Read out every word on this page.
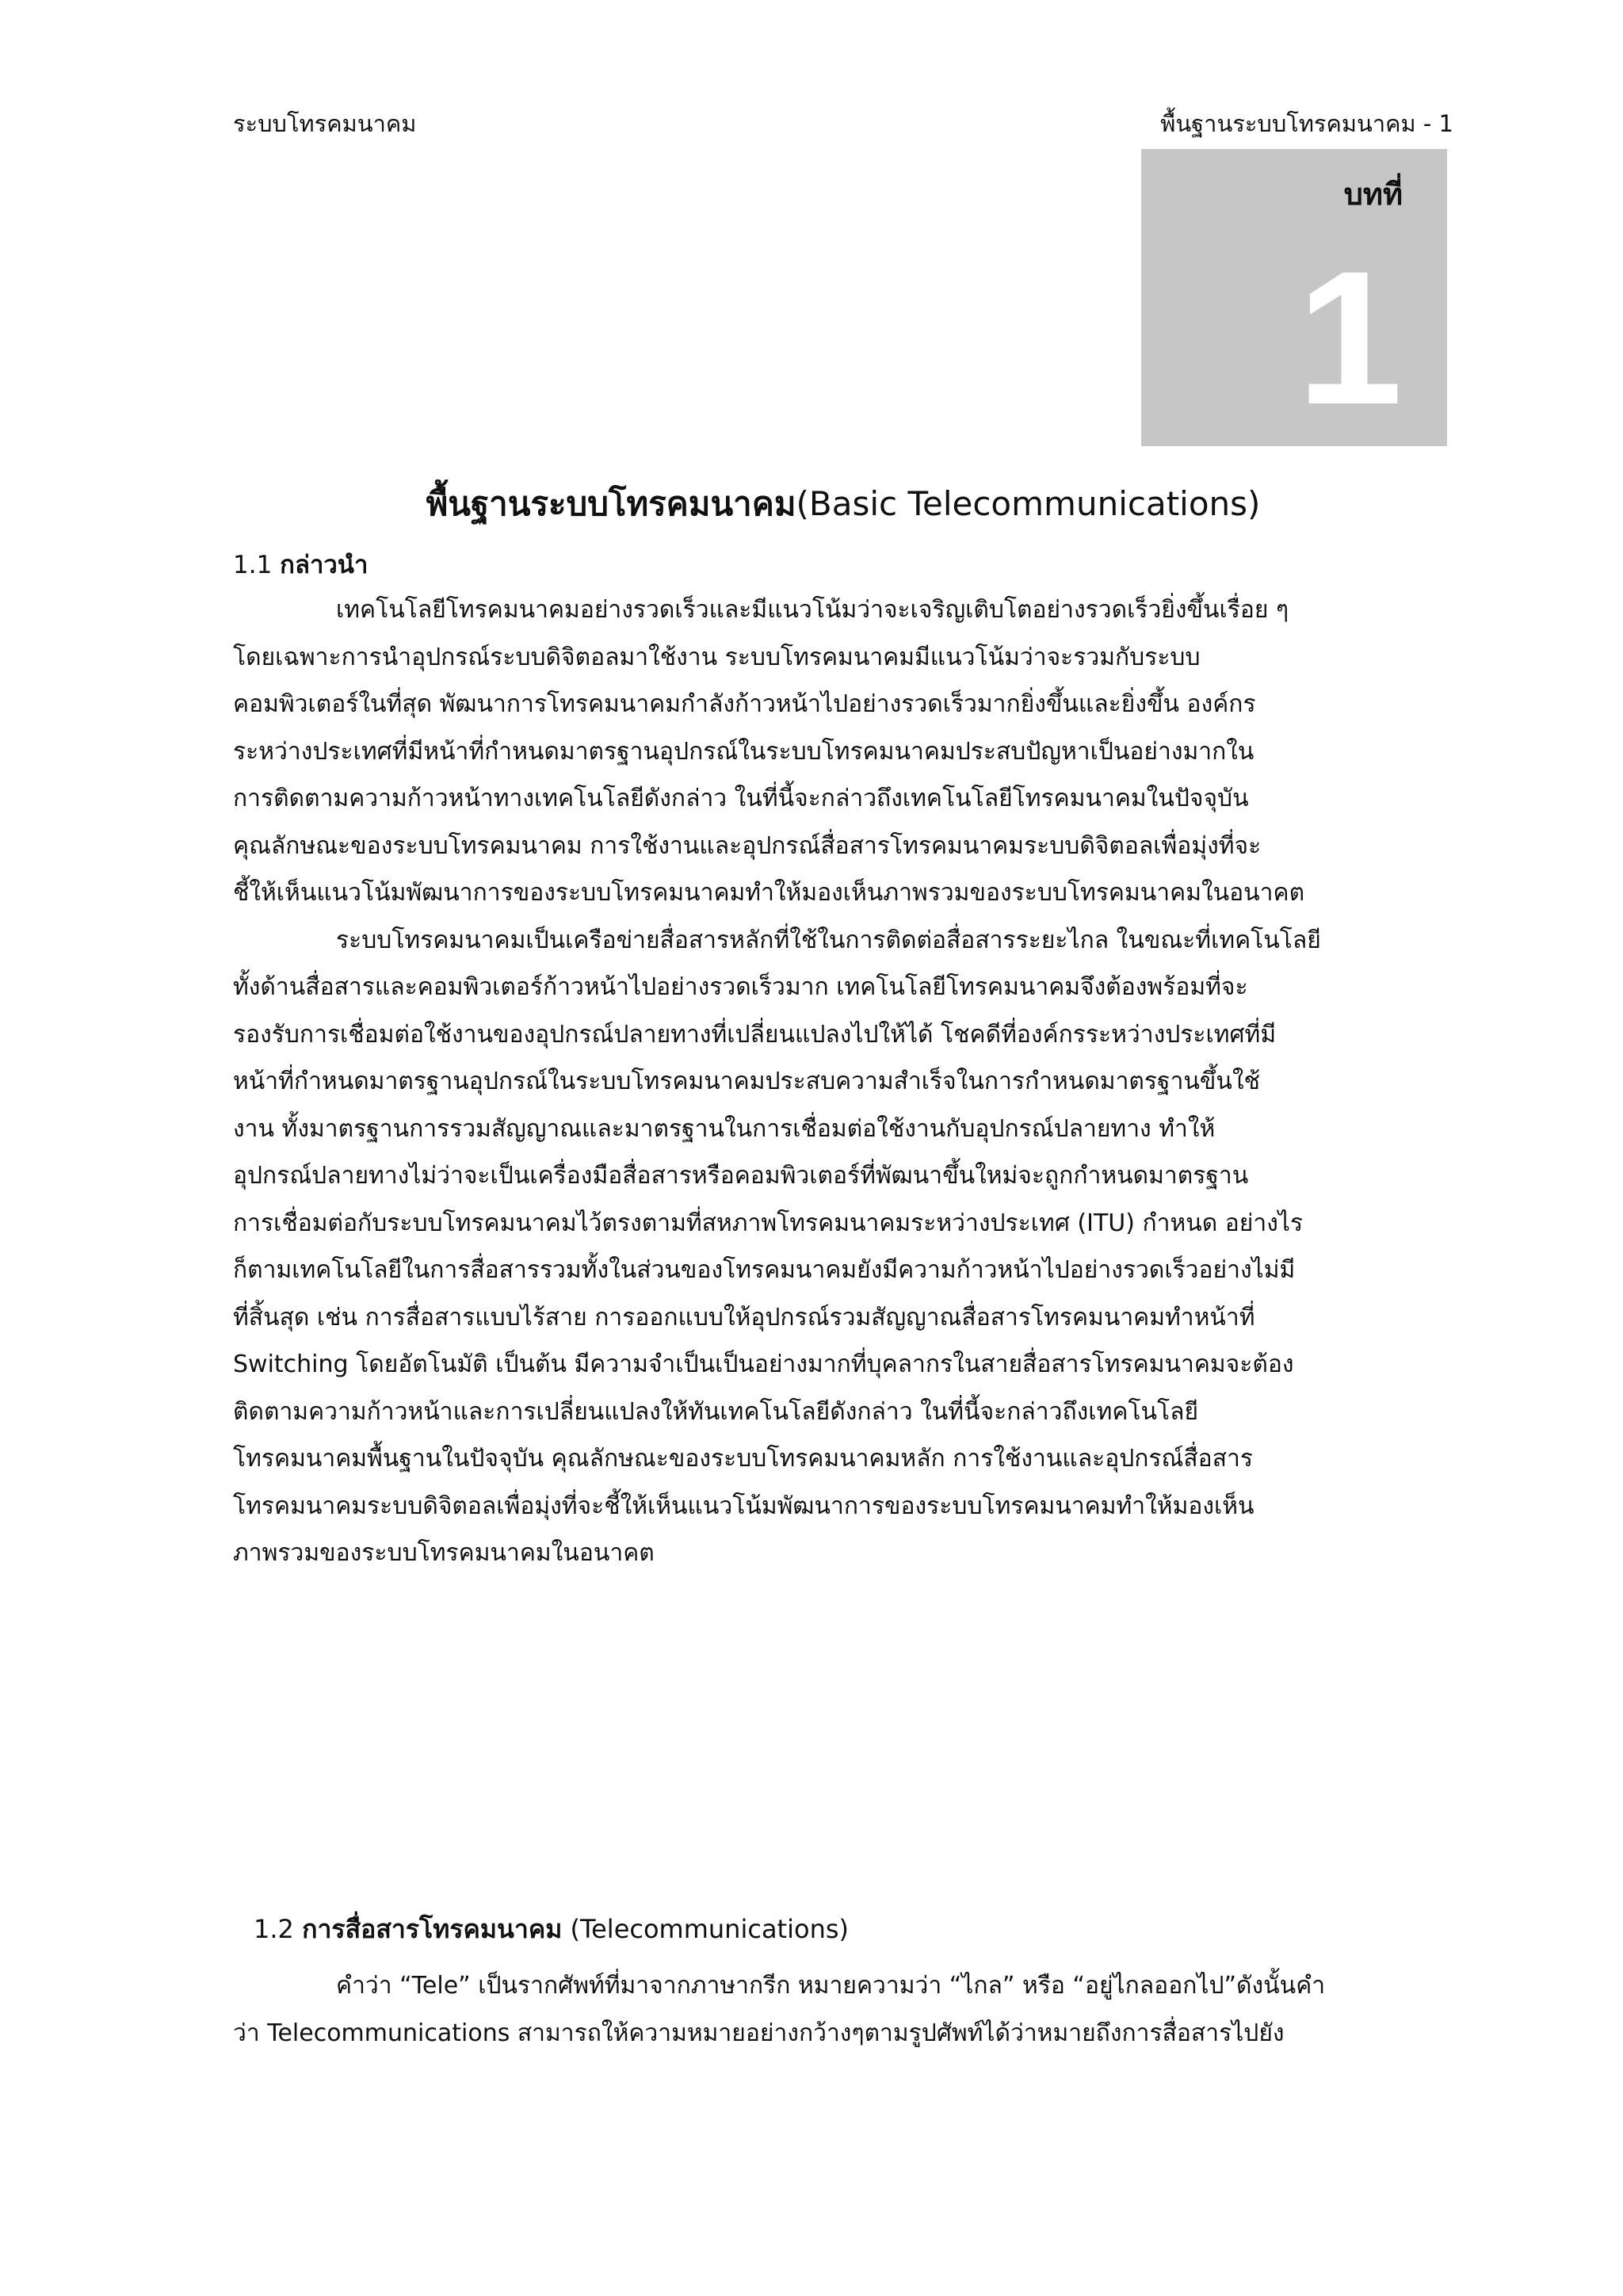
ระบบโทรคมนาคม	พื้นฐานระบบโทรคมนาคม - 1
บทที่
1
พื้นฐานระบบโทรคมนาคม(Basic Telecommunications)
1.1 กล่าวนำ
เทคโนโลยีโทรคมนาคมอย่างรวดเร็วและมีแนวโน้มว่าจะเจริญเติบโตอย่างรวดเร็วยิ่งขึ้นเรื่อย ๆ
โดยเฉพาะการนำอุปกรณ์ระบบดิจิตอลมาใช้งาน ระบบโทรคมนาคมมีแนวโน้มว่าจะรวมกับระบบ
คอมพิวเตอร์ในที่สุด พัฒนาการโทรคมนาคมกำลังก้าวหน้าไปอย่างรวดเร็วมากยิ่งขึ้นและยิ่งขึ้น องค์กร
ระหว่างประเทศที่มีหน้าที่กำหนดมาตรฐานอุปกรณ์ในระบบโทรคมนาคมประสบปัญหาเป็นอย่างมากใน
การติดตามความก้าวหน้าทางเทคโนโลยีดังกล่าว ในที่นี้จะกล่าวถึงเทคโนโลยีโทรคมนาคมในปัจจุบัน
คุณลักษณะของระบบโทรคมนาคม การใช้งานและอุปกรณ์สื่อสารโทรคมนาคมระบบดิจิตอลเพื่อมุ่งที่จะ
ชี้ให้เห็นแนวโน้มพัฒนาการของระบบโทรคมนาคมทำให้มองเห็นภาพรวมของระบบโทรคมนาคมในอนาคต
ระบบโทรคมนาคมเป็นเครือข่ายสื่อสารหลักที่ใช้ในการติดต่อสื่อสารระยะไกล ในขณะที่เทคโนโลยี
ทั้งด้านสื่อสารและคอมพิวเตอร์ก้าวหน้าไปอย่างรวดเร็วมาก เทคโนโลยีโทรคมนาคมจึงต้องพร้อมที่จะ
รองรับการเชื่อมต่อใช้งานของอุปกรณ์ปลายทางที่เปลี่ยนแปลงไปให้ได้ โชคดีที่องค์กรระหว่างประเทศที่มี
หน้าที่กำหนดมาตรฐานอุปกรณ์ในระบบโทรคมนาคมประสบความสำเร็จในการกำหนดมาตรฐานขึ้นใช้
งาน ทั้งมาตรฐานการรวมสัญญาณและมาตรฐานในการเชื่อมต่อใช้งานกับอุปกรณ์ปลายทาง ทำให้
อุปกรณ์ปลายทางไม่ว่าจะเป็นเครื่องมือสื่อสารหรือคอมพิวเตอร์ที่พัฒนาขึ้นใหม่จะถูกกำหนดมาตรฐาน
การเชื่อมต่อกับระบบโทรคมนาคมไว้ตรงตามที่สหภาพโทรคมนาคมระหว่างประเทศ (ITU) กำหนด อย่างไร
ก็ตามเทคโนโลยีในการสื่อสารรวมทั้งในส่วนของโทรคมนาคมยังมีความก้าวหน้าไปอย่างรวดเร็วอย่างไม่มี
ที่สิ้นสุด เช่น การสื่อสารแบบไร้สาย การออกแบบให้อุปกรณ์รวมสัญญาณสื่อสารโทรคมนาคมทำหน้าที่
Switching โดยอัตโนมัติ เป็นต้น มีความจำเป็นเป็นอย่างมากที่บุคลากรในสายสื่อสารโทรคมนาคมจะต้อง
ติดตามความก้าวหน้าและการเปลี่ยนแปลงให้ทันเทคโนโลยีดังกล่าว ในที่นี้จะกล่าวถึงเทคโนโลยี
โทรคมนาคมพื้นฐานในปัจจุบัน คุณลักษณะของระบบโทรคมนาคมหลัก การใช้งานและอุปกรณ์สื่อสาร
โทรคมนาคมระบบดิจิตอลเพื่อมุ่งที่จะชี้ให้เห็นแนวโน้มพัฒนาการของระบบโทรคมนาคมทำให้มองเห็น
ภาพรวมของระบบโทรคมนาคมในอนาคต
1.2 การสื่อสารโทรคมนาคม (Telecommunications)
คำว่า “Tele” เป็นรากศัพท์ที่มาจากภาษากรีก หมายความว่า “ไกล” หรือ “อยู่ไกลออกไป”ดังนั้นคำ
ว่า Telecommunications สามารถให้ความหมายอย่างกว้างๆตามรูปศัพท์ได้ว่าหมายถึงการสื่อสารไปยัง
